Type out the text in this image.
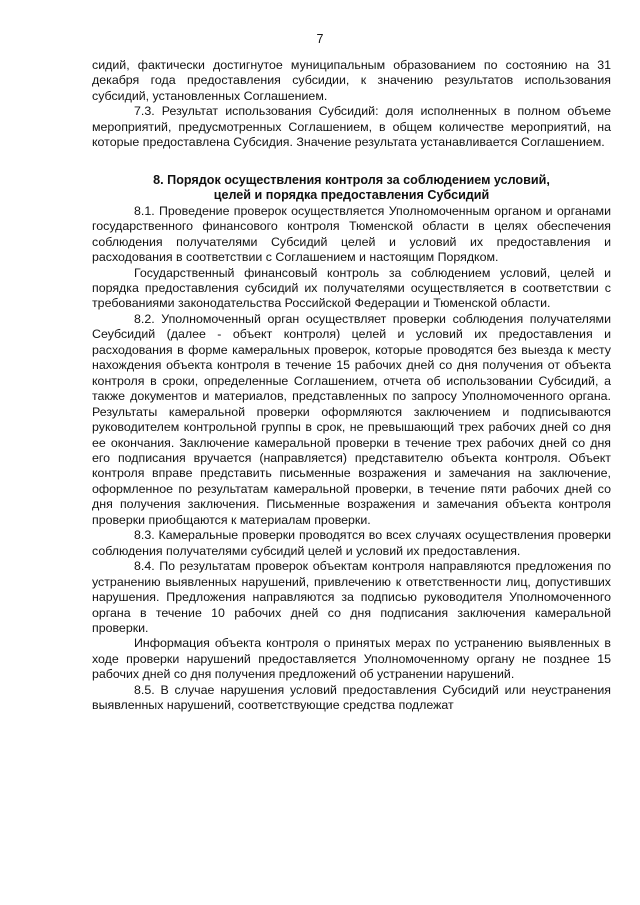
7

сидий, фактически достигнутое муниципальным образованием по состоянию на 31 декабря года предоставления субсидии, к значению результатов использования субсидий, установленных Соглашением.

7.3. Результат использования Субсидий: доля исполненных в полном объеме мероприятий, предусмотренных Соглашением, в общем количестве мероприятий, на которые предоставлена Субсидия. Значение результата устанавливается Соглашением.

8. Порядок осуществления контроля за соблюдением условий,
целей и порядка предоставления Субсидий

8.1. Проведение проверок осуществляется Уполномоченным органом и органами государственного финансового контроля Тюменской области в целях обеспечения соблюдения получателями Субсидий целей и условий их предоставления и расходования в соответствии с Соглашением и настоящим Порядком.

Государственный финансовый контроль за соблюдением условий, целей и порядка предоставления субсидий их получателями осуществляется в соответствии с требованиями законодательства Российской Федерации и Тюменской области.

8.2. Уполномоченный орган осуществляет проверки соблюдения получателями Сеубсидий (далее - объект контроля) целей и условий их предоставления и расходования в форме камеральных проверок, которые проводятся без выезда к месту нахождения объекта контроля в течение 15 рабочих дней со дня получения от объекта контроля в сроки, определенные Соглашением, отчета об использовании Субсидий, а также документов и материалов, представленных по запросу Уполномоченного органа. Результаты камеральной проверки оформляются заключением и подписываются руководителем контрольной группы в срок, не превышающий трех рабочих дней со дня ее окончания. Заключение камеральной проверки в течение трех рабочих дней со дня его подписания вручается (направляется) представителю объекта контроля. Объект контроля вправе представить письменные возражения и замечания на заключение, оформленное по результатам камеральной проверки, в течение пяти рабочих дней со дня получения заключения. Письменные возражения и замечания объекта контроля проверки приобщаются к материалам проверки.

8.3. Камеральные проверки проводятся во всех случаях осуществления проверки соблюдения получателями субсидий целей и условий их предоставления.

8.4. По результатам проверок объектам контроля направляются предложения по устранению выявленных нарушений, привлечению к ответственности лиц, допустивших нарушения. Предложения направляются за подписью руководителя Уполномоченного органа в течение 10 рабочих дней со дня подписания заключения камеральной проверки.

Информация объекта контроля о принятых мерах по устранению выявленных в ходе проверки нарушений предоставляется Уполномоченному органу не позднее 15 рабочих дней со дня получения предложений об устранении нарушений.

8.5. В случае нарушения условий предоставления Субсидий или неустранения выявленных нарушений, соответствующие средства подлежат
